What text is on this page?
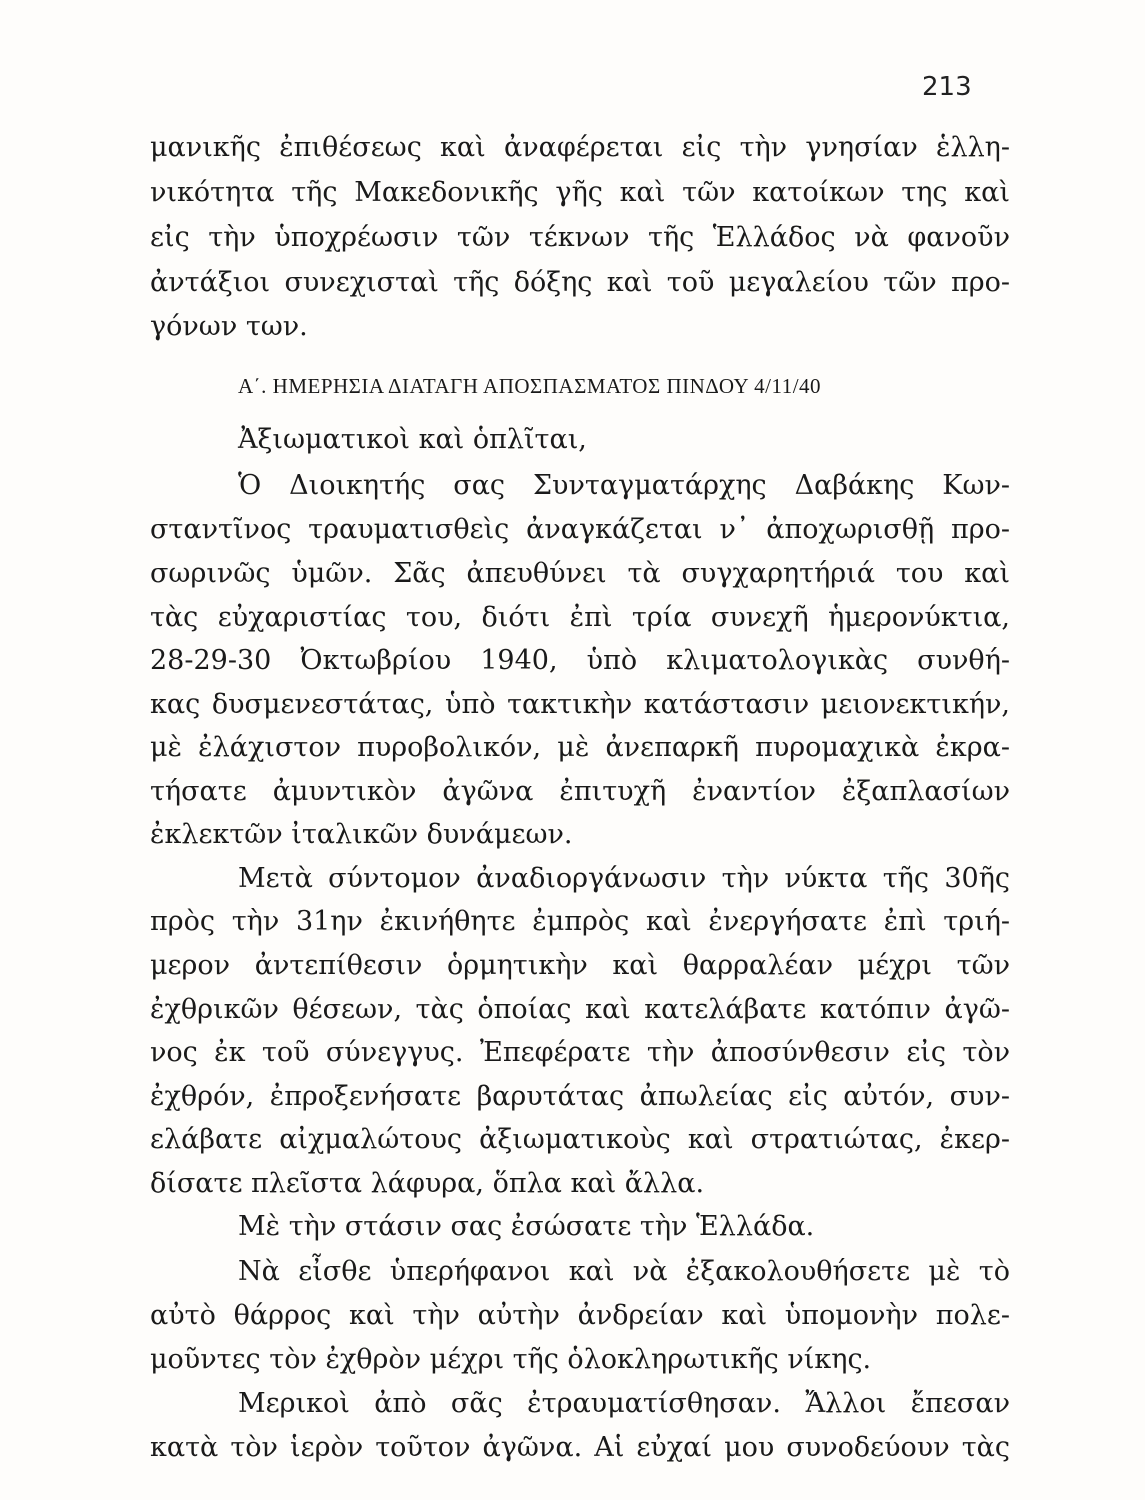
213
μανικῆς ἐπιθέσεως καὶ ἀναφέρεται εἰς τὴν γνησίαν ἑλλη-
νικότητα τῆς Μακεδονικῆς γῆς καὶ τῶν κατοίκων της καὶ
εἰς τὴν ὑποχρέωσιν τῶν τέκνων τῆς Ἑλλάδος νὰ φανοῦν
ἀντάξιοι συνεχισταὶ τῆς δόξης καὶ τοῦ μεγαλείου τῶν προ-
γόνων των.
Α΄. ΗΜΕΡΗΣΙΑ ΔΙΑΤΑΓΗ ΑΠΟΣΠΑΣΜΑΤΟΣ ΠΙΝΔΟΥ 4/11/40
Ἀξιωματικοὶ καὶ ὁπλῖται,
Ὁ Διοικητής σας Συνταγματάρχης Δαβάκης Κων-
σταντῖνος τραυματισθεὶς ἀναγκάζεται ν᾽ ἀποχωρισθῇ προ-
σωρινῶς ὑμῶν. Σᾶς ἀπευθύνει τὰ συγχαρητήριά του καὶ
τὰς εὐχαριστίας του, διότι ἐπὶ τρία συνεχῆ ἡμερονύκτια,
28-29-30 Ὀκτωβρίου 1940, ὑπὸ κλιματολογικὰς συνθή-
κας δυσμενεστάτας, ὑπὸ τακτικὴν κατάστασιν μειονεκτικήν,
μὲ ἐλάχιστον πυροβολικόν, μὲ ἀνεπαρκῆ πυρομαχικὰ ἐκρα-
τήσατε ἀμυντικὸν ἀγῶνα ἐπιτυχῆ ἐναντίον ἐξαπλασίων
ἐκλεκτῶν ἰταλικῶν δυνάμεων.
Μετὰ σύντομον ἀναδιοργάνωσιν τὴν νύκτα τῆς 30ῆς
πρὸς τὴν 31ην ἐκινήθητε ἐμπρὸς καὶ ἐνεργήσατε ἐπὶ τριή-
μερον ἀντεπίθεσιν ὁρμητικὴν καὶ θαρραλέαν μέχρι τῶν
ἐχθρικῶν θέσεων, τὰς ὁποίας καὶ κατελάβατε κατόπιν ἀγῶ-
νος ἐκ τοῦ σύνεγγυς. Ἐπεφέρατε τὴν ἀποσύνθεσιν εἰς τὸν
ἐχθρόν, ἐπροξενήσατε βαρυτάτας ἀπωλείας εἰς αὐτόν, συν-
ελάβατε αἰχμαλώτους ἀξιωματικοὺς καὶ στρατιώτας, ἐκερ-
δίσατε πλεῖστα λάφυρα, ὅπλα καὶ ἄλλα.
Μὲ τὴν στάσιν σας ἐσώσατε τὴν Ἑλλάδα.
Νὰ εἶσθε ὑπερήφανοι καὶ νὰ ἐξακολουθήσετε μὲ τὸ
αὐτὸ θάρρος καὶ τὴν αὐτὴν ἀνδρείαν καὶ ὑπομονὴν πολε-
μοῦντες τὸν ἐχθρὸν μέχρι τῆς ὁλοκληρωτικῆς νίκης.
Μερικοὶ ἀπὸ σᾶς ἐτραυματίσθησαν. Ἄλλοι ἔπεσαν
κατὰ τὸν ἱερὸν τοῦτον ἀγῶνα. Αἱ εὐχαί μου συνοδεύουν τὰς
